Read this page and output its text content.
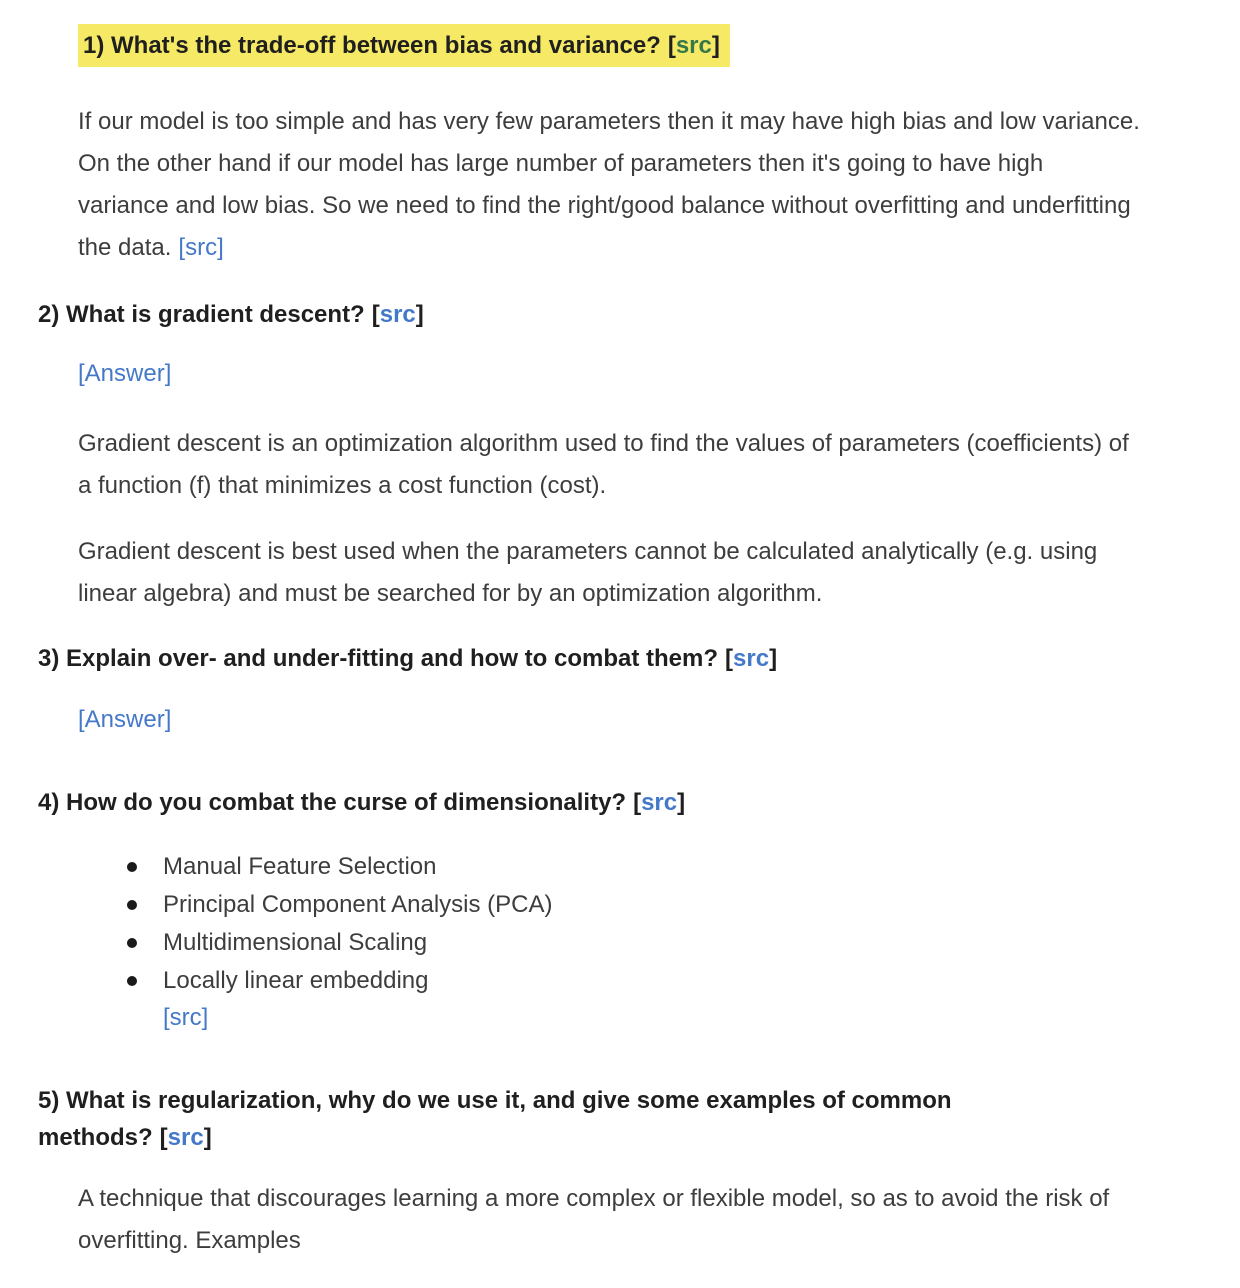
1) What's the trade-off between bias and variance? [src]

If our model is too simple and has very few parameters then it may have high bias and low variance. On the other hand if our model has large number of parameters then it's going to have high variance and low bias. So we need to find the right/good balance without overfitting and underfitting the data. [src]

2) What is gradient descent? [src]
[Answer]

Gradient descent is an optimization algorithm used to find the values of parameters (coefficients) of a function (f) that minimizes a cost function (cost).

Gradient descent is best used when the parameters cannot be calculated analytically (e.g. using linear algebra) and must be searched for by an optimization algorithm.

3) Explain over- and under-fitting and how to combat them? [src]
[Answer]
4) How do you combat the curse of dimensionality? [src]
Manual Feature Selection
Principal Component Analysis (PCA)
Multidimensional Scaling
Locally linear embedding
[src]
5) What is regularization, why do we use it, and give some examples of common
methods? [src]

A technique that discourages learning a more complex or flexible model, so as to avoid the risk of overfitting. Examples
